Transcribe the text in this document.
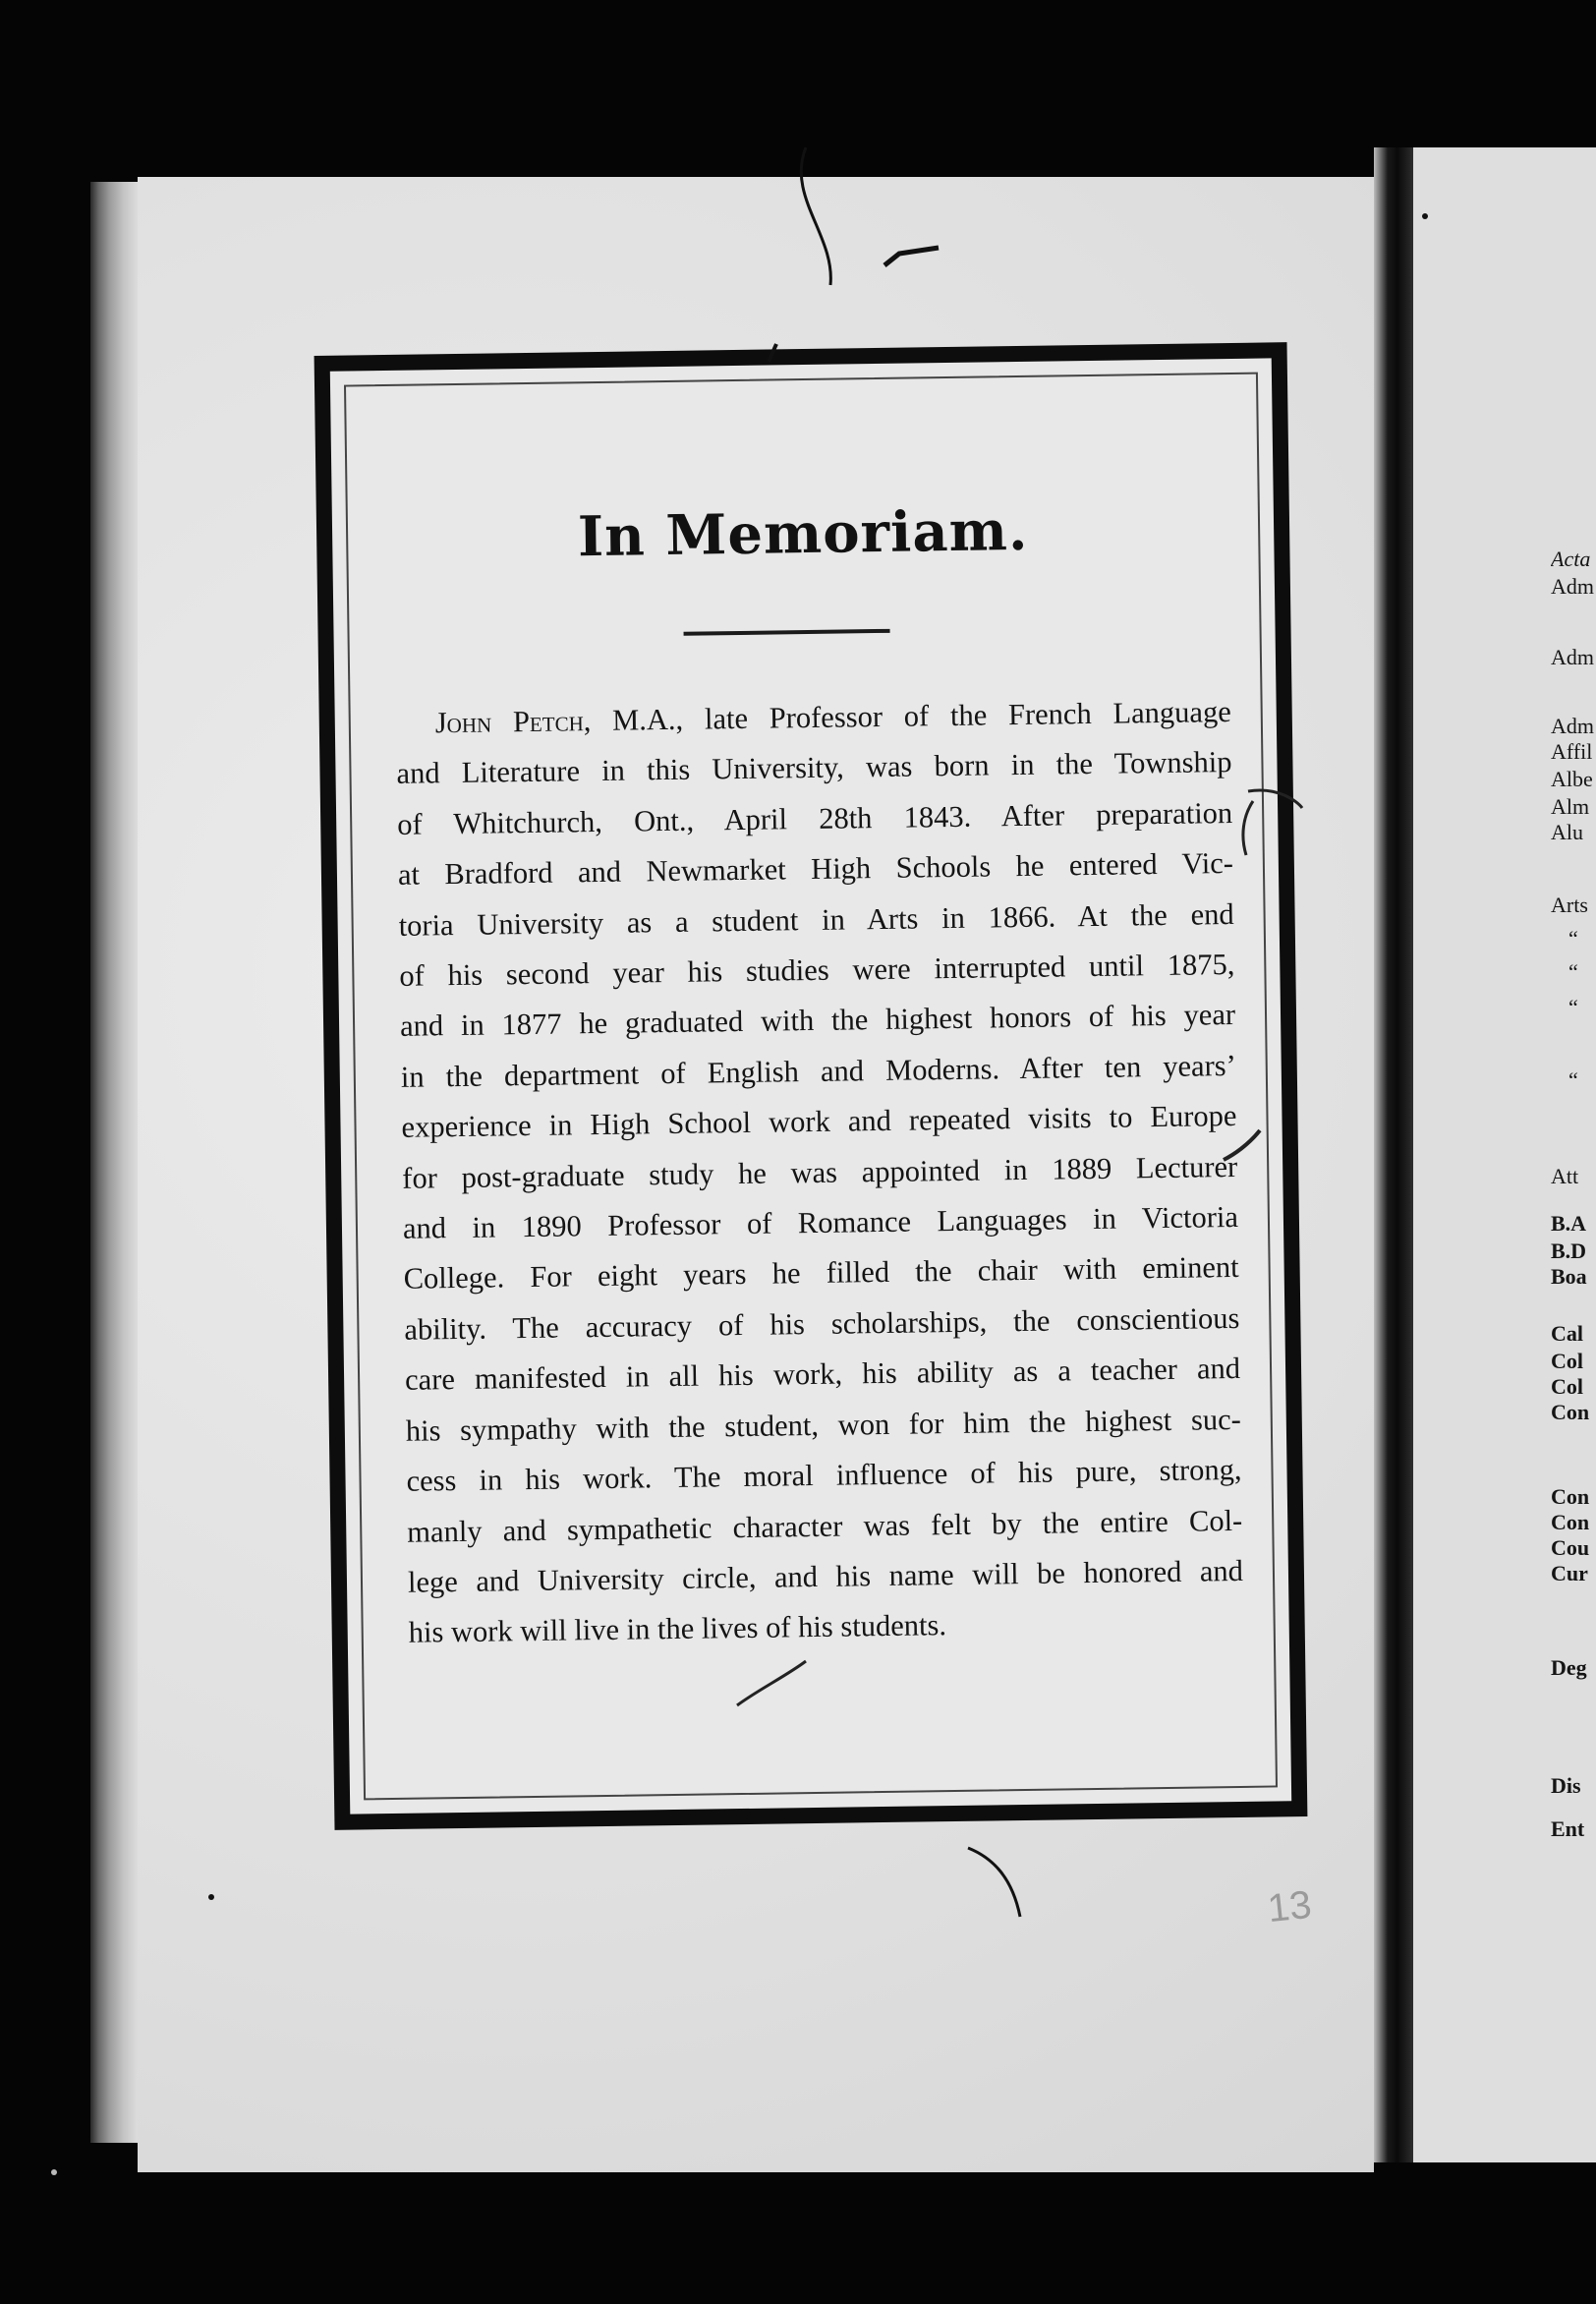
In Memoriam.
John Petch, M.A., late Professor of the French Language
and Literature in this University, was born in the Township
of Whitchurch, Ont., April 28th 1843. After preparation
at Bradford and Newmarket High Schools he entered Vic-
toria University as a student in Arts in 1866. At the end
of his second year his studies were interrupted until 1875,
and in 1877 he graduated with the highest honors of his year
in the department of English and Moderns. After ten years’
experience in High School work and repeated visits to Europe
for post-graduate study he was appointed in 1889 Lecturer
and in 1890 Professor of Romance Languages in Victoria
College. For eight years he filled the chair with eminent
ability. The accuracy of his scholarships, the conscientious
care manifested in all his work, his ability as a teacher and
his sympathy with the student, won for him the highest suc-
cess in his work. The moral influence of his pure, strong,
manly and sympathetic character was felt by the entire Col-
lege and University circle, and his name will be honored and
his work will live in the lives of his students.
Acta
Adm
Adm
Adm
Affil
Albe
Alm
Alu
Arts
“
“
“
“
Att
B.A
B.D
Boa
Cal
Col
Col
Con
Con
Con
Cou
Cur
Deg
Dis
Ent
13
